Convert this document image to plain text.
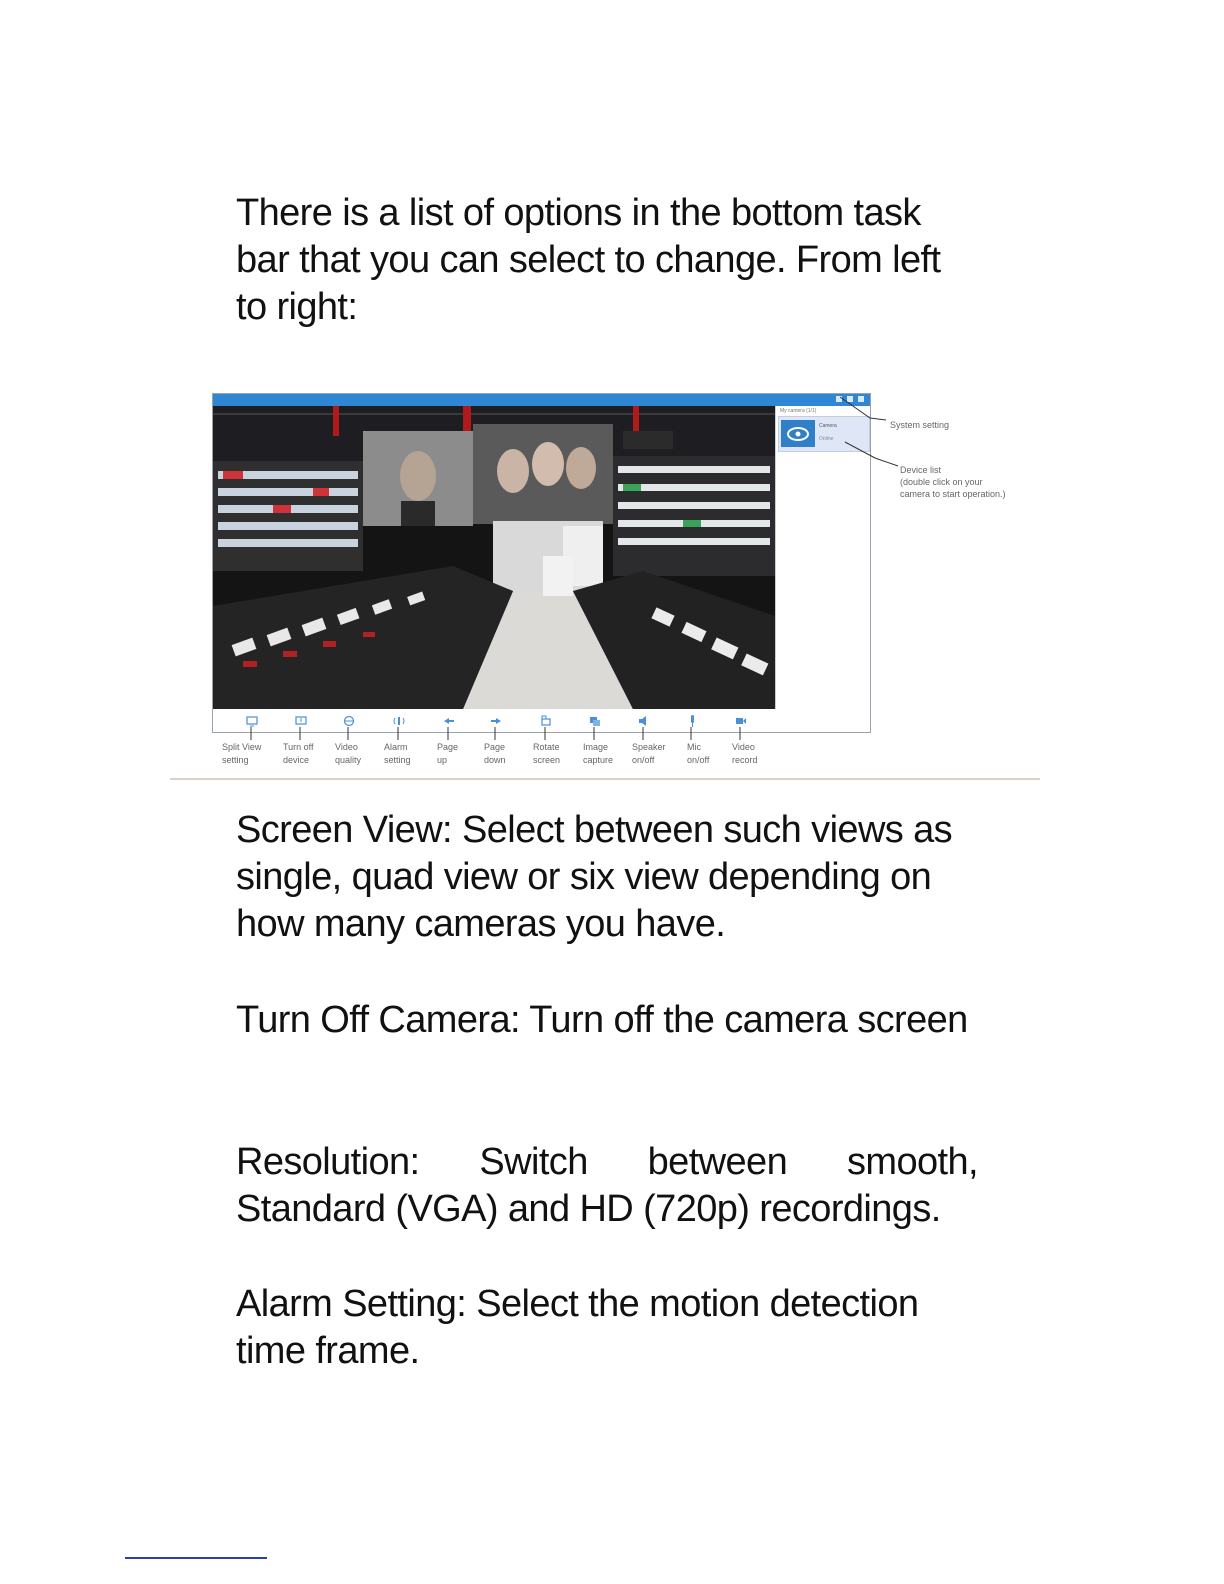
There is a list of options in the bottom task bar that you can select to change. From left to right:

My camera (1/1)
Camera
Online

System setting

Device list

(double click on your

camera to start operation.)

Split View
setting
Turn off
device
Video
quality
Alarm
setting
Page
up
Page
down
Rotate
screen
Image
capture
Speaker
on/off
Mic
on/off
Video
record

Screen View: Select between such views as single, quad view or six view depending on how many cameras you have.

Turn Off Camera: Turn off the camera screen

Resolution: Switch between smooth, Standard (VGA) and HD (720p) recordings.

Alarm Setting: Select the motion detection time frame.
